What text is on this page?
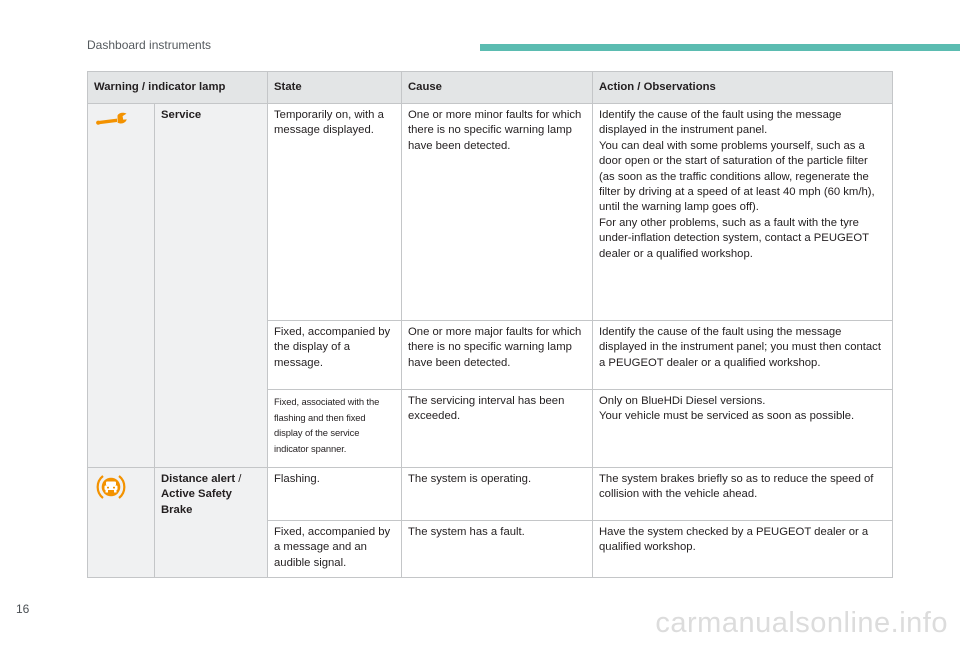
Dashboard instruments
Warning / indicator lamp		State	Cause	Action / Observations
	Service	Temporarily on, with a message displayed.	One or more minor faults for which there is no specific warning lamp have been detected.	Identify the cause of the fault using the message displayed in the instrument panel.
You can deal with some problems yourself, such as a door open or the start of saturation of the particle filter (as soon as the traffic conditions allow, regenerate the filter by driving at a speed of at least 40 mph (60 km/h), until the warning lamp goes off).
For any other problems, such as a fault with the tyre under-inflation detection system, contact a PEUGEOT dealer or a qualified workshop.

		Fixed, accompanied by the display of a message.	One or more major faults for which there is no specific warning lamp have been detected.	Identify the cause of the fault using the message displayed in the instrument panel; you must then contact a PEUGEOT dealer or a qualified workshop.

		Fixed, associated with the flashing and then fixed display of the service indicator spanner.	The servicing interval has been exceeded.	Only on BlueHDi Diesel versions.
Your vehicle must be serviced as soon as possible.

	Distance alert / Active Safety Brake	Flashing.	The system is operating.	The system brakes briefly so as to reduce the speed of collision with the vehicle ahead.

		Fixed, accompanied by a message and an audible signal.	The system has a fault.	Have the system checked by a PEUGEOT dealer or a qualified workshop.
16	carmanualsonline.info
